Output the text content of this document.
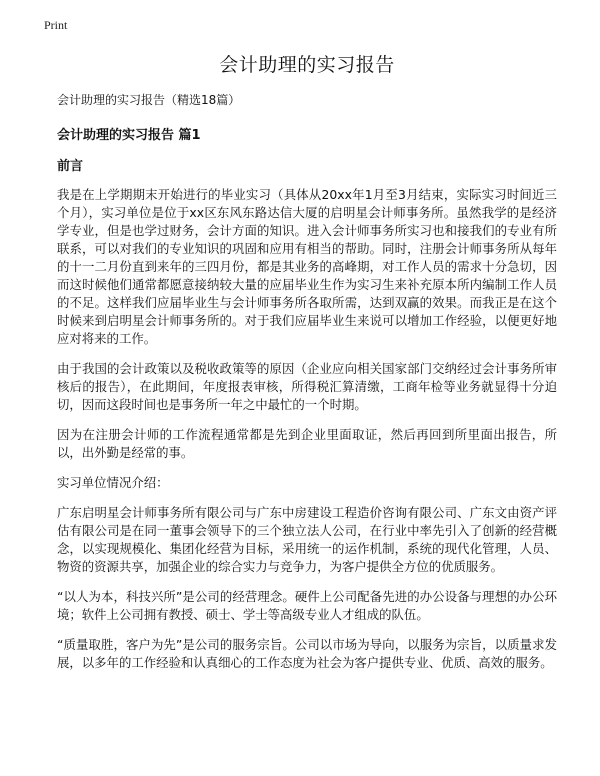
Print
会计助理的实习报告
会计助理的实习报告（精选18篇）
会计助理的实习报告 篇1
前言

我是在上学期期末开始进行的毕业实习（具体从20xx年1月至3月结束，实际实习时间近三个月），实习单位是位于xx区东风东路达信大厦的启明星会计师事务所。虽然我学的是经济学专业，但是也学过财务，会计方面的知识。进入会计师事务所实习也和接我们的专业有所联系，可以对我们的专业知识的巩固和应用有相当的帮助。同时，注册会计师事务所从每年的十一二月份直到来年的三四月份，都是其业务的高峰期，对工作人员的需求十分急切，因而这时候他们通常都愿意接纳较大量的应届毕业生作为实习生来补充原本所内编制工作人员的不足。这样我们应届毕业生与会计师事务所各取所需，达到双赢的效果。而我正是在这个时候来到启明星会计师事务所的。对于我们应届毕业生来说可以增加工作经验，以便更好地应对将来的工作。

由于我国的会计政策以及税收政策等的原因（企业应向相关国家部门交纳经过会计事务所审核后的报告），在此期间，年度报表审核，所得税汇算清缴，工商年检等业务就显得十分迫切，因而这段时间也是事务所一年之中最忙的一个时期。

因为在注册会计师的工作流程通常都是先到企业里面取证，然后再回到所里面出报告，所以，出外勤是经常的事。

实习单位情况介绍：

广东启明星会计师事务所有限公司与广东中房建设工程造价咨询有限公司、广东文由资产评估有限公司是在同一董事会领导下的三个独立法人公司，在行业中率先引入了创新的经营概念，以实现规模化、集团化经营为目标，采用统一的运作机制，系统的现代化管理，人员、物资的资源共享，加强企业的综合实力与竞争力，为客户提供全方位的优质服务。

“以人为本，科技兴所”是公司的经营理念。硬件上公司配备先进的办公设备与理想的办公环境；软件上公司拥有教授、硕士、学士等高级专业人才组成的队伍。

“质量取胜，客户为先”是公司的服务宗旨。公司以市场为导向，以服务为宗旨，以质量求发展，以多年的工作经验和认真细心的工作态度为社会为客户提供专业、优质、高效的服务。
